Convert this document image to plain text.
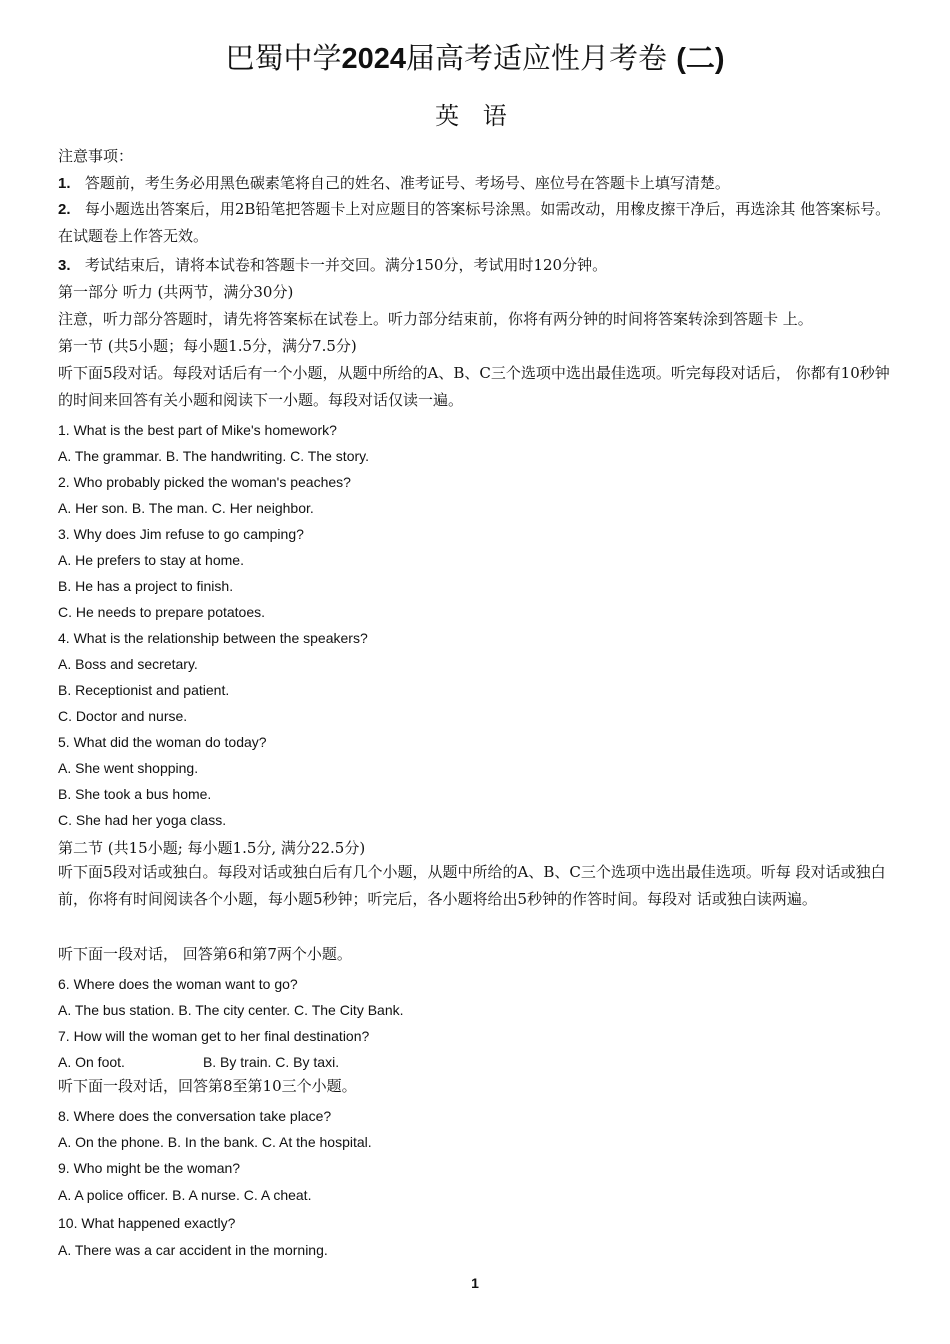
巴蜀中学2024届高考适应性月考卷 (二)
英 语
注意事项：
1. 答题前，考生务必用黑色碳素笔将自己的姓名、准考证号、考场号、座位号在答题卡上填写清楚。
2. 每小题选出答案后，用2B铅笔把答题卡上对应题目的答案标号涂黑。如需改动，用橡皮擦干净后，再选涂其 他答案标号。在试题卷上作答无效。
3. 考试结束后，请将本试卷和答题卡一并交回。满分150分，考试用时120分钟。
第一部分 听力 (共两节，满分30分)
注意，听力部分答题时，请先将答案标在试卷上。听力部分结束前，你将有两分钟的时间将答案转涂到答题卡 上。
第一节 (共5小题；每小题1.5分，满分7.5分)
听下面5段对话。每段对话后有一个小题，从题中所给的A、B、C三个选项中选出最佳选项。听完每段对话后， 你都有10秒钟的时间来回答有关小题和阅读下一小题。每段对话仅读一遍。
1. What is the best part of Mike's homework?
A. The grammar. B. The handwriting. C. The story.
2. Who probably picked the woman's peaches?
A. Her son. B. The man. C. Her neighbor.
3. Why does Jim refuse to go camping?
A. He prefers to stay at home.
B. He has a project to finish.
C. He needs to prepare potatoes.
4. What is the relationship between the speakers?
A. Boss and secretary.
B. Receptionist and patient.
C. Doctor and nurse.
5. What did the woman do today?
A. She went shopping.
B. She took a bus home.
C. She had her yoga class.
第二节 (共15小题; 每小题1.5分, 满分22.5分)
听下面5段对话或独白。每段对话或独白后有几个小题，从题中所给的A、B、C三个选项中选出最佳选项。听每 段对话或独白前，你将有时间阅读各个小题，每小题5秒钟；听完后，各小题将给出5秒钟的作答时间。每段对 话或独白读两遍。
听下面一段对话， 回答第6和第7两个小题。
6. Where does the woman want to go?
A. The bus station. B. The city center. C. The City Bank.
7. How will the woman get to her final destination?
A. On foot.	B. By train. C. By taxi.
听下面一段对话，回答第8至第10三个小题。
8. Where does the conversation take place?
A. On the phone. B. In the bank. C. At the hospital.
9. Who might be the woman?
A. A police officer. B. A nurse. C. A cheat.
10. What happened exactly?
A. There was a car accident in the morning.
1
